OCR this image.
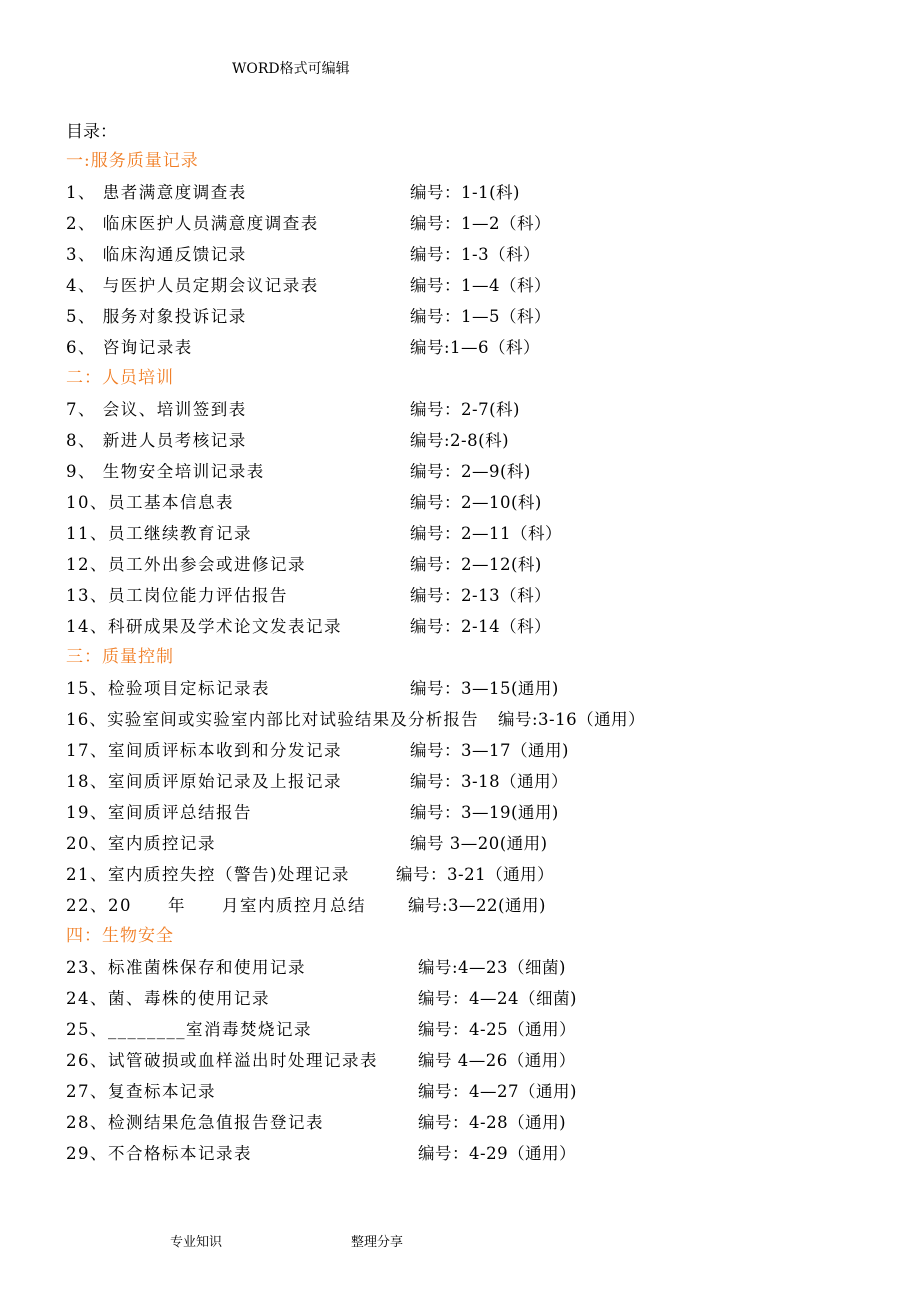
WORD格式可编辑
目录：
一:服务质量记录
1、 患者满意度调查表	编号：1-1(科)
2、 临床医护人员满意度调查表	编号：1—2（科）
3、 临床沟通反馈记录	编号：1-3（科）
4、 与医护人员定期会议记录表	编号：1—4（科）
5、 服务对象投诉记录	编号：1—5（科）
6、 咨询记录表	编号:1—6（科）
二：人员培训
7、 会议、培训签到表	编号：2-7(科)
8、 新进人员考核记录	编号:2-8(科)
9、 生物安全培训记录表	编号：2—9(科)
10、员工基本信息表	编号：2—10(科)
11、员工继续教育记录	编号：2—11（科）
12、员工外出参会或进修记录	编号：2—12(科)
13、员工岗位能力评估报告	编号：2-13（科）
14、科研成果及学术论文发表记录	编号：2-14（科）
三：质量控制
15、检验项目定标记录表	编号：3—15(通用)
16、实验室间或实验室内部比对试验结果及分析报告 编号:3-16（通用）
17、室间质评标本收到和分发记录	编号：3—17（通用)
18、室间质评原始记录及上报记录	编号：3-18（通用）
19、室间质评总结报告	编号：3—19(通用)
20、室内质控记录	编号 3—20(通用)
21、室内质控失控（警告)处理记录	编号：3-21（通用）
22、20　　年　　月室内质控月总结	编号:3—22(通用)
四：生物安全
23、标准菌株保存和使用记录	编号:4—23（细菌)
24、菌、毒株的使用记录	编号：4—24（细菌)
25、________室消毒焚烧记录	编号：4-25（通用）
26、试管破损或血样溢出时处理记录表 编号 4—26（通用）
27、复查标本记录	编号：4—27（通用)
28、检测结果危急值报告登记表	编号：4-28（通用)
29、不合格标本记录表	编号：4-29（通用）
专业知识	整理分享
